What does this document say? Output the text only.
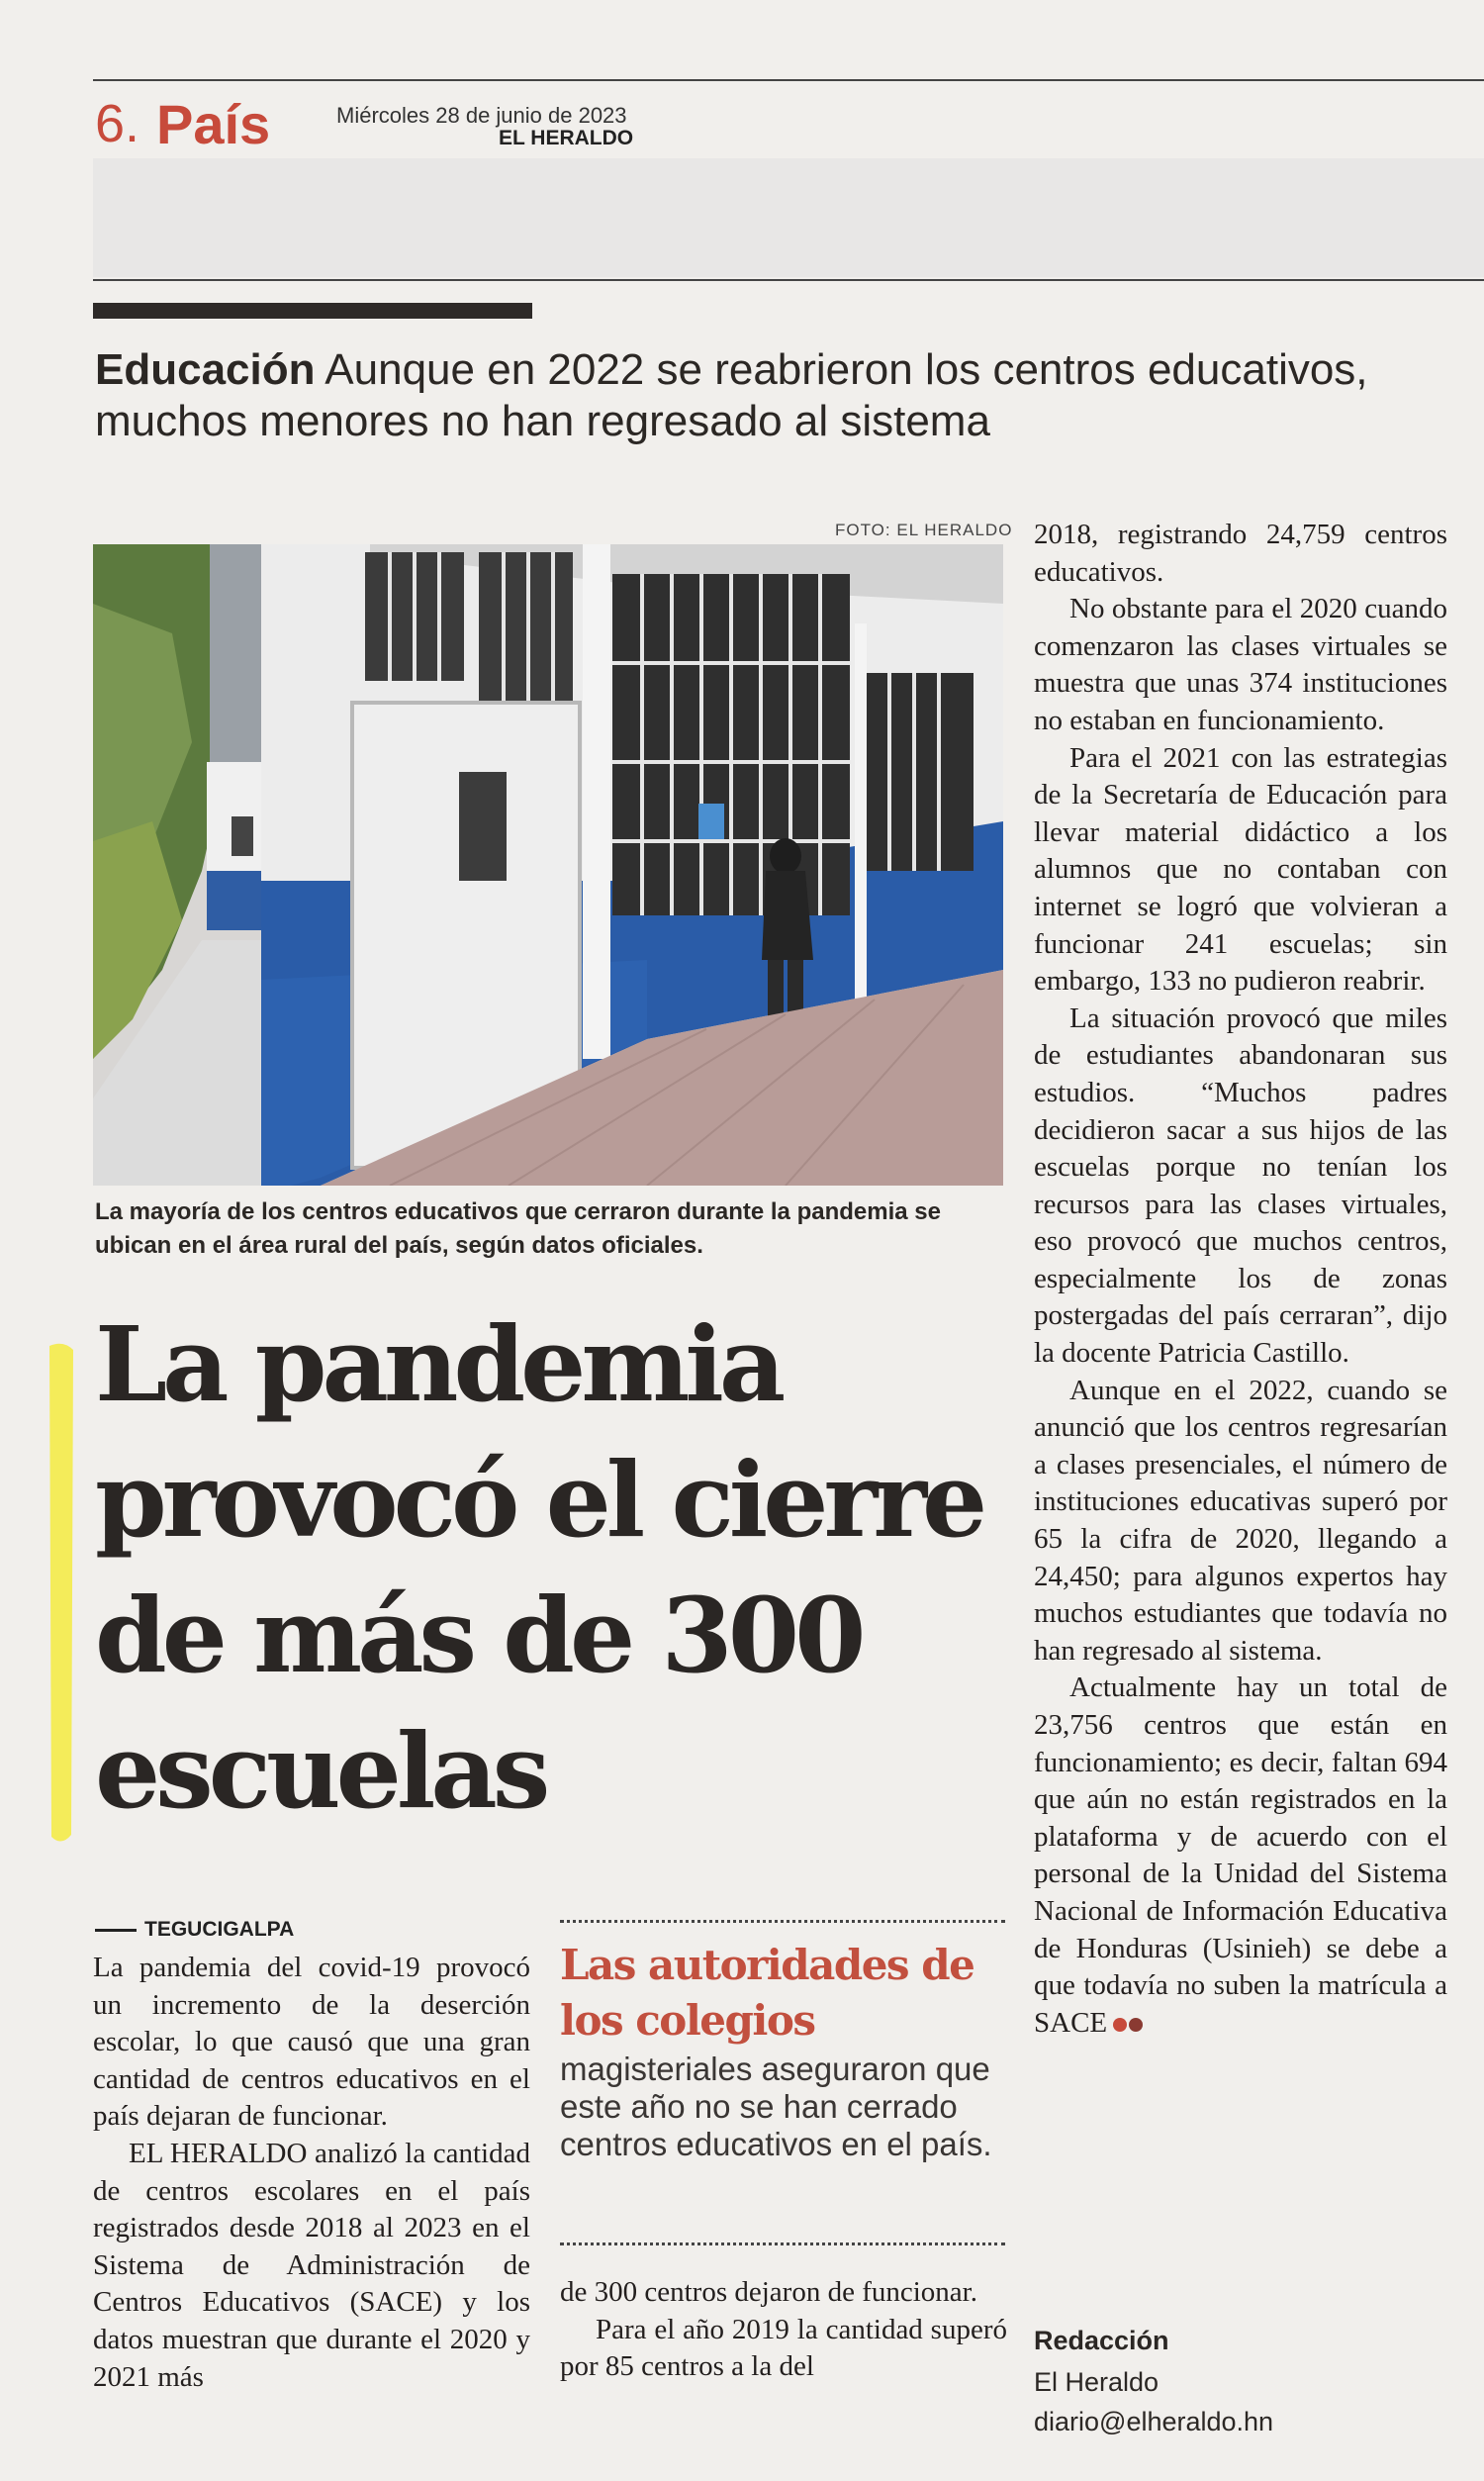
6. País	Miércoles 28 de junio de 2023
EL HERALDO
Educación Aunque en 2022 se reabrieron los centros educativos, muchos menores no han regresado al sistema
FOTO: EL HERALDO
La mayoría de los centros educativos que cerraron durante la pandemia se ubican en el área rural del país, según datos oficiales.
La pandemia provocó el cierre de más de 300 escuelas
TEGUCIGALPA

La pandemia del covid-19 provocó un incremento de la deserción escolar, lo que causó que una gran cantidad de centros educativos en el país dejaran de funcionar.

EL HERALDO analizó la cantidad de centros escolares en el país registrados desde 2018 al 2023 en el Sistema de Administración de Centros Educativos (SACE) y los datos muestran que durante el 2020 y 2021 más

Las autoridades de los colegios
magisteriales aseguraron que este año no se han cerrado centros educativos en el país.

de 300 centros dejaron de funcionar.

Para el año 2019 la cantidad superó por 85 centros a la del

2018, registrando 24,759 centros educativos.

No obstante para el 2020 cuando comenzaron las clases virtuales se muestra que unas 374 instituciones no estaban en funcionamiento.

Para el 2021 con las estrategias de la Secretaría de Educación para llevar material didáctico a los alumnos que no contaban con internet se logró que volvieran a funcionar 241 escuelas; sin embargo, 133 no pudieron reabrir.

La situación provocó que miles de estudiantes abandonaran sus estudios. “Muchos padres decidieron sacar a sus hijos de las escuelas porque no tenían los recursos para las clases virtuales, eso provocó que muchos centros, especialmente los de zonas postergadas del país cerraran”, dijo la docente Patricia Castillo.

Aunque en el 2022, cuando se anunció que los centros regresarían a clases presenciales, el número de instituciones educativas superó por 65 la cifra de 2020, llegando a 24,450; para algunos expertos hay muchos estudiantes que todavía no han regresado al sistema.

Actualmente hay un total de 23,756 centros que están en funcionamiento; es decir, faltan 694 que aún no están registrados en la plataforma y de acuerdo con el personal de la Unidad del Sistema Nacional de Información Educativa de Honduras (Usinieh) se debe a que todavía no suben la matrícula a SACE

Redacción
El Heraldo
diario@elheraldo.hn
